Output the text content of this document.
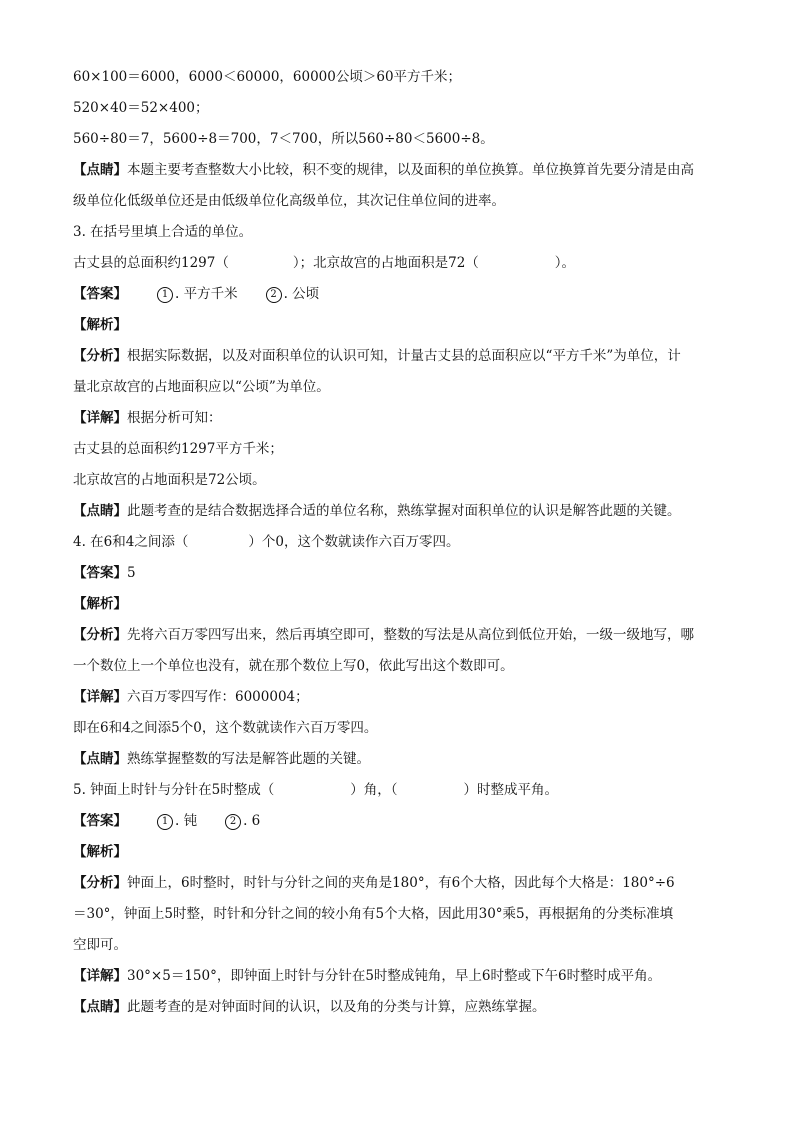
60×100＝6000，6000＜60000，60000公顷＞60平方千米；
520×40＝52×400；
560÷80＝7，5600÷8＝700，7＜700，所以560÷80＜5600÷8。
【点睛】本题主要考查整数大小比较，积不变的规律，以及面积的单位换算。单位换算首先要分清是由高
级单位化低级单位还是由低级单位化高级单位，其次记住单位间的进率。
3. 在括号里填上合适的单位。
古丈县的总面积约1297（	）；北京故宫的占地面积是72（	）。
【答案】	1 . 平方千米	2 . 公顷
【解析】
【分析】根据实际数据，以及对面积单位的认识可知，计量古丈县的总面积应以“平方千米”为单位，计
量北京故宫的占地面积应以“公顷”为单位。
【详解】根据分析可知：
古丈县的总面积约1297平方千米；
北京故宫的占地面积是72公顷。
【点睛】此题考查的是结合数据选择合适的单位名称，熟练掌握对面积单位的认识是解答此题的关键。
4. 在6和4之间添（	）个0，这个数就读作六百万零四。
【答案】5
【解析】
【分析】先将六百万零四写出来，然后再填空即可，整数的写法是从高位到低位开始，一级一级地写，哪
一个数位上一个单位也没有，就在那个数位上写0，依此写出这个数即可。
【详解】六百万零四写作：6000004；
即在6和4之间添5个0，这个数就读作六百万零四。
【点睛】熟练掌握整数的写法是解答此题的关键。
5. 钟面上时针与分针在5时整成（	）角，（	）时整成平角。
【答案】	1 . 钝	2 . 6
【解析】
【分析】钟面上，6时整时，时针与分针之间的夹角是180°，有6个大格，因此每个大格是：180°÷6
＝30°，钟面上5时整，时针和分针之间的较小角有5个大格，因此用30°乘5，再根据角的分类标准填
空即可。
【详解】30°×5＝150°，即钟面上时针与分针在5时整成钝角，早上6时整或下午6时整时成平角。
【点睛】此题考查的是对钟面时间的认识，以及角的分类与计算，应熟练掌握。
